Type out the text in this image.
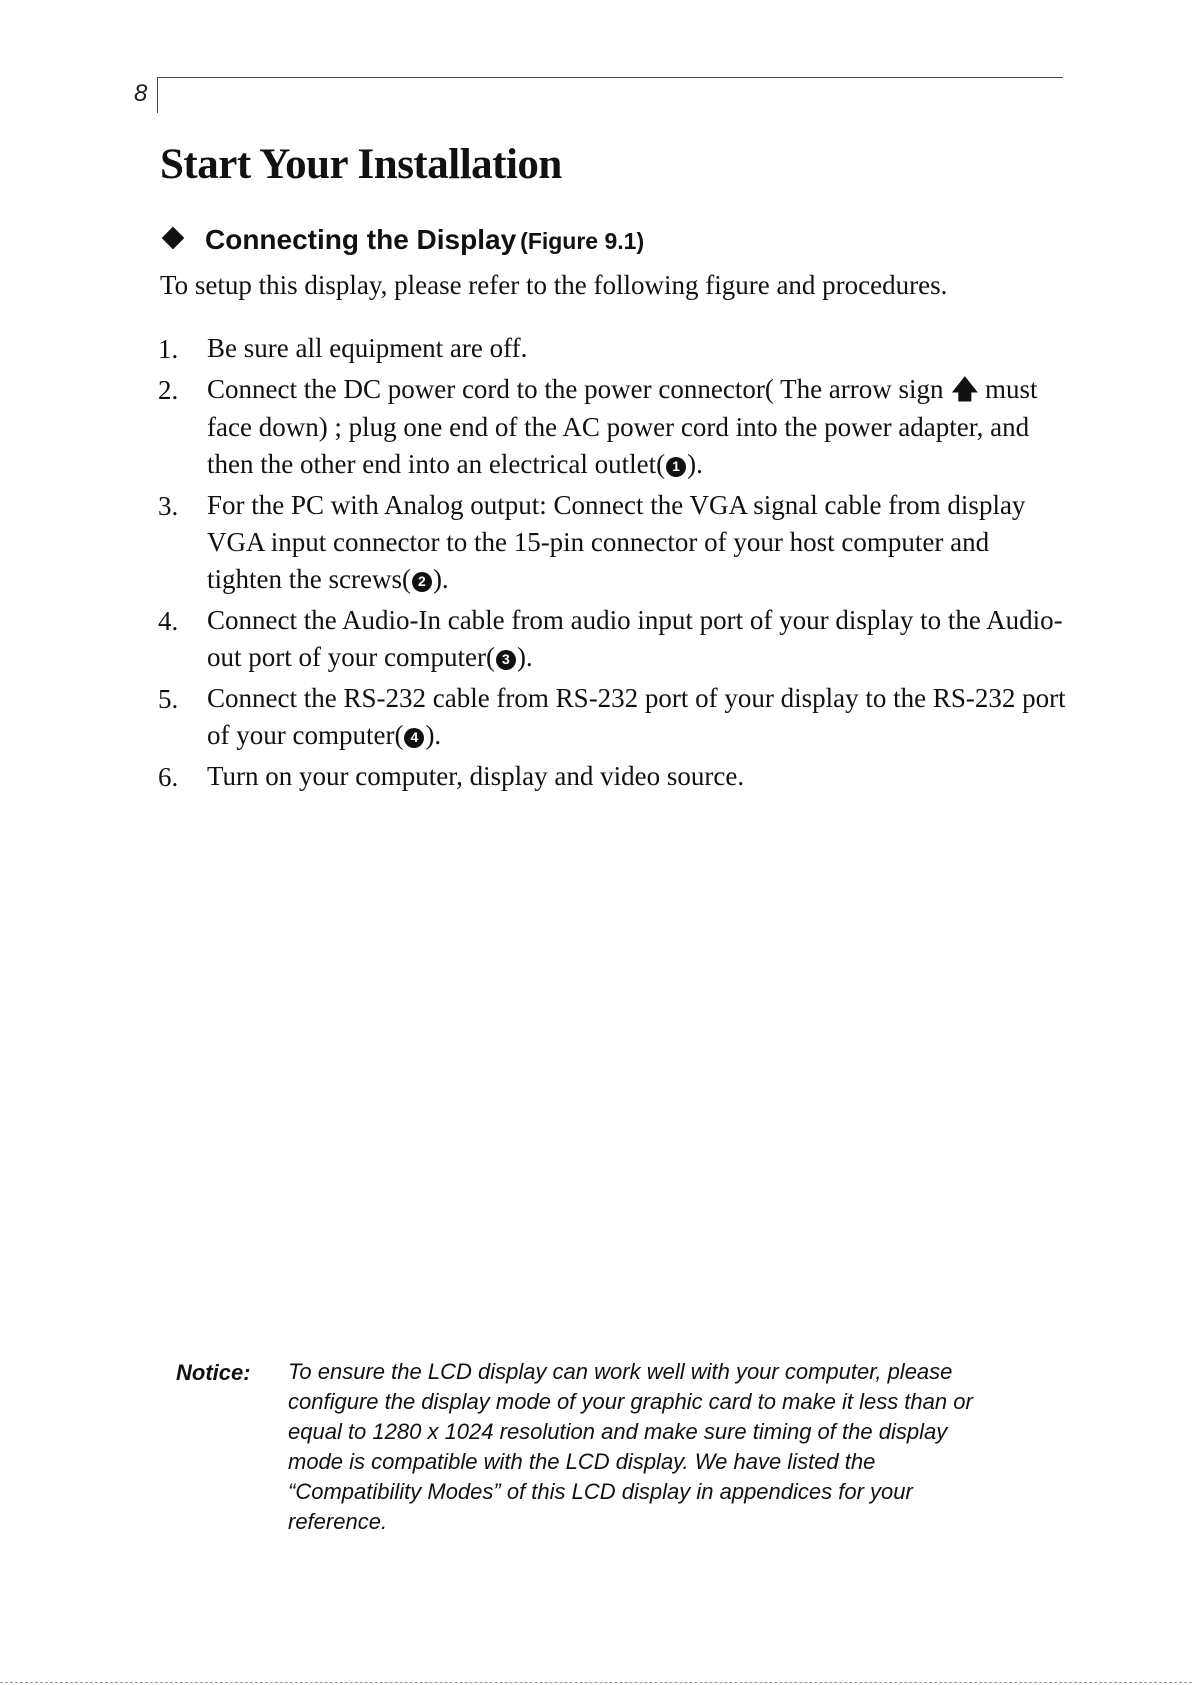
8
Start Your Installation
Connecting the Display (Figure 9.1)
To setup this display, please refer to the following figure and procedures.
1.	Be sure all equipment are off.
2.	Connect the DC power cord to the power connector( The arrow sign 🡅 must face down) ; plug one end of the AC power cord into the power adapter, and then the other end into an electrical outlet( 1 ).
3.	For the PC with Analog output: Connect the VGA signal cable from display VGA input connector to the 15-pin connector of your host computer and tighten the screws( 2 ).
4.	Connect the Audio-In cable from audio input port of your display to the Audio-out port of your computer( 3 ).
5.	Connect the RS-232 cable from RS-232 port of your display to the RS-232 port of your computer( 4 ).
6.	Turn on your computer, display and video source.
Notice:	To ensure the LCD display can work well with your computer, please configure the display mode of your graphic card to make it less than or equal to 1280 x 1024 resolution and make sure timing of the display mode is compatible with the LCD display. We have listed the “Compatibility Modes” of this LCD display in appendices for your reference.
